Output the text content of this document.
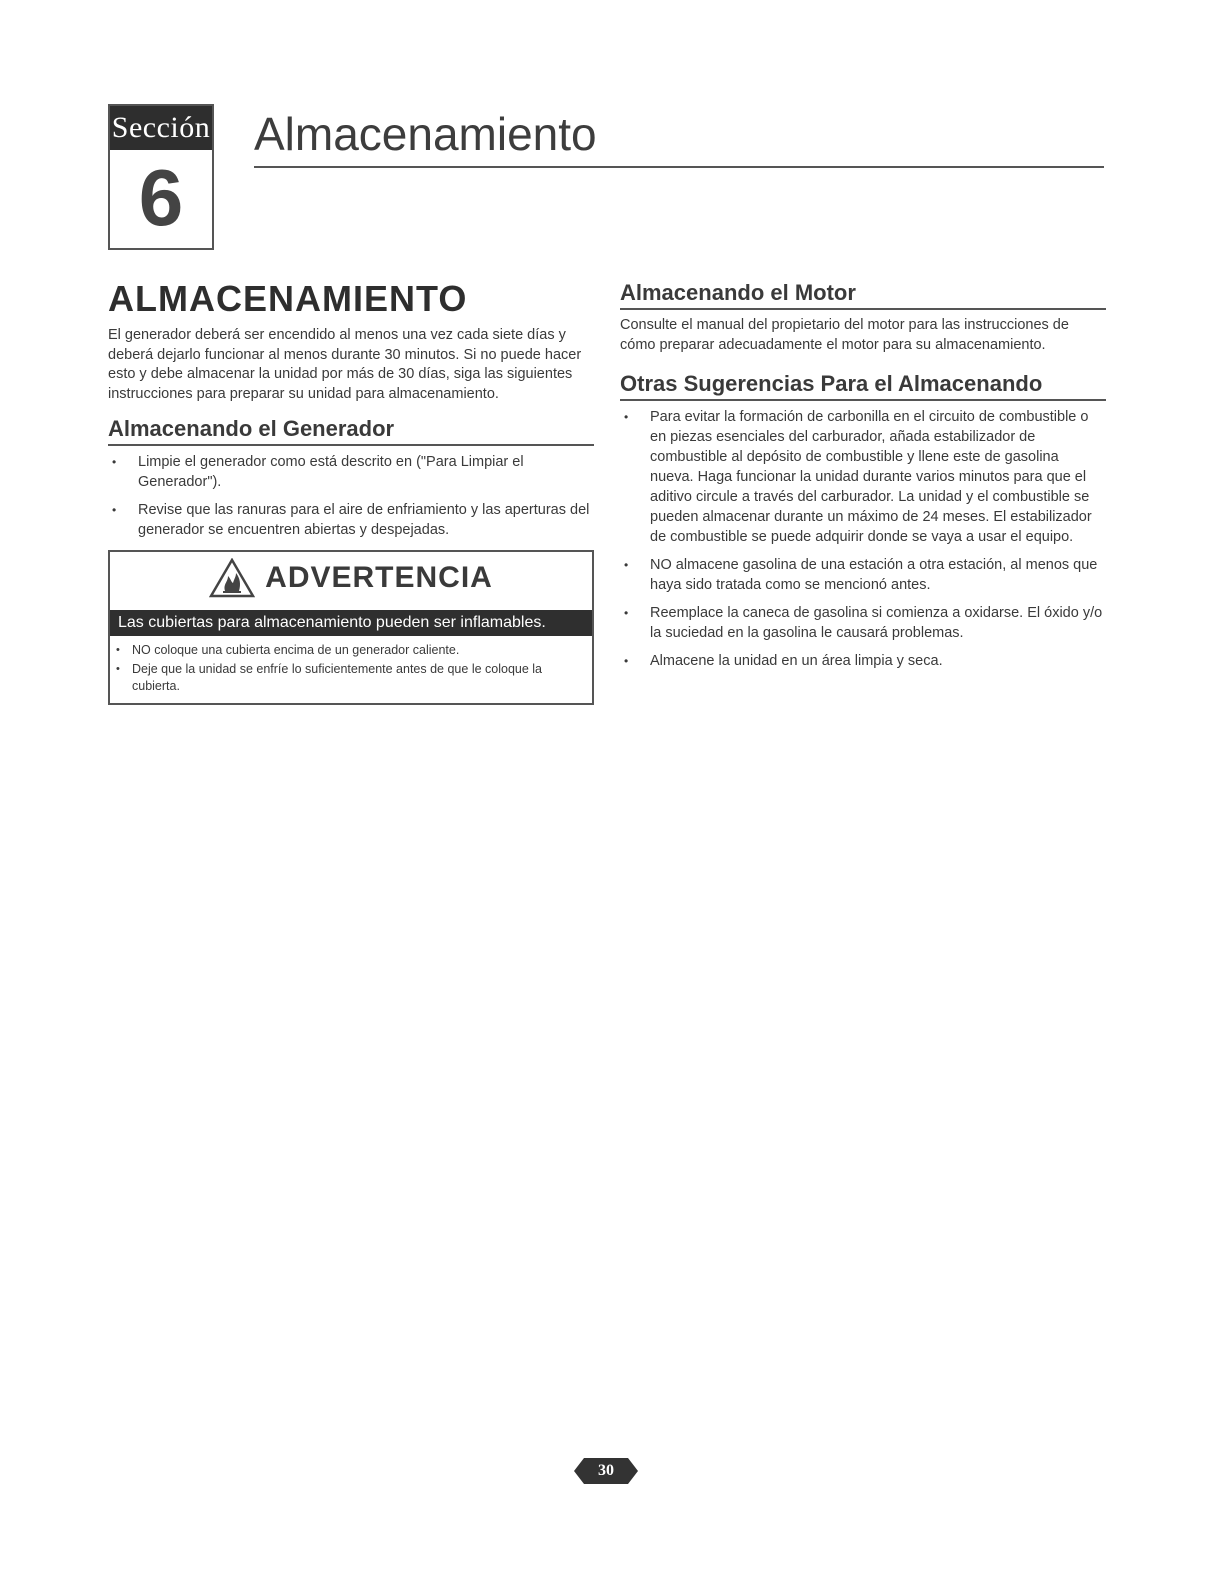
Sección
6
Almacenamiento
ALMACENAMIENTO

El generador deberá ser encendido al menos una vez cada siete días y deberá dejarlo funcionar al menos durante 30 minutos. Si no puede hacer esto y debe almacenar la unidad por más de 30 días, siga las siguientes instrucciones para preparar su unidad para almacenamiento.

Almacenando el Generador
• Limpie el generador como está descrito en ("Para Limpiar el Generador").
• Revise que las ranuras para el aire de enfriamiento y las aperturas del generador se encuentren abiertas y despejadas.
ADVERTENCIA
Las cubiertas para almacenamiento pueden ser inflamables.
• NO coloque una cubierta encima de un generador caliente.
• Deje que la unidad se enfríe lo suficientemente antes de que le coloque la cubierta.
Almacenando el Motor

Consulte el manual del propietario del motor para las instrucciones de cómo preparar adecuadamente el motor para su almacenamiento.

Otras Sugerencias Para el Almacenando
• Para evitar la formación de carbonilla en el circuito de combustible o en piezas esenciales del carburador, añada estabilizador de combustible al depósito de combustible y llene este de gasolina nueva. Haga funcionar la unidad durante varios minutos para que el aditivo circule a través del carburador. La unidad y el combustible se pueden almacenar durante un máximo de 24 meses. El estabilizador de combustible se puede adquirir donde se vaya a usar el equipo.
• NO almacene gasolina de una estación a otra estación, al menos que haya sido tratada como se mencionó antes.
• Reemplace la caneca de gasolina si comienza a oxidarse. El óxido y/o la suciedad en la gasolina le causará problemas.
• Almacene la unidad en un área limpia y seca.
30
